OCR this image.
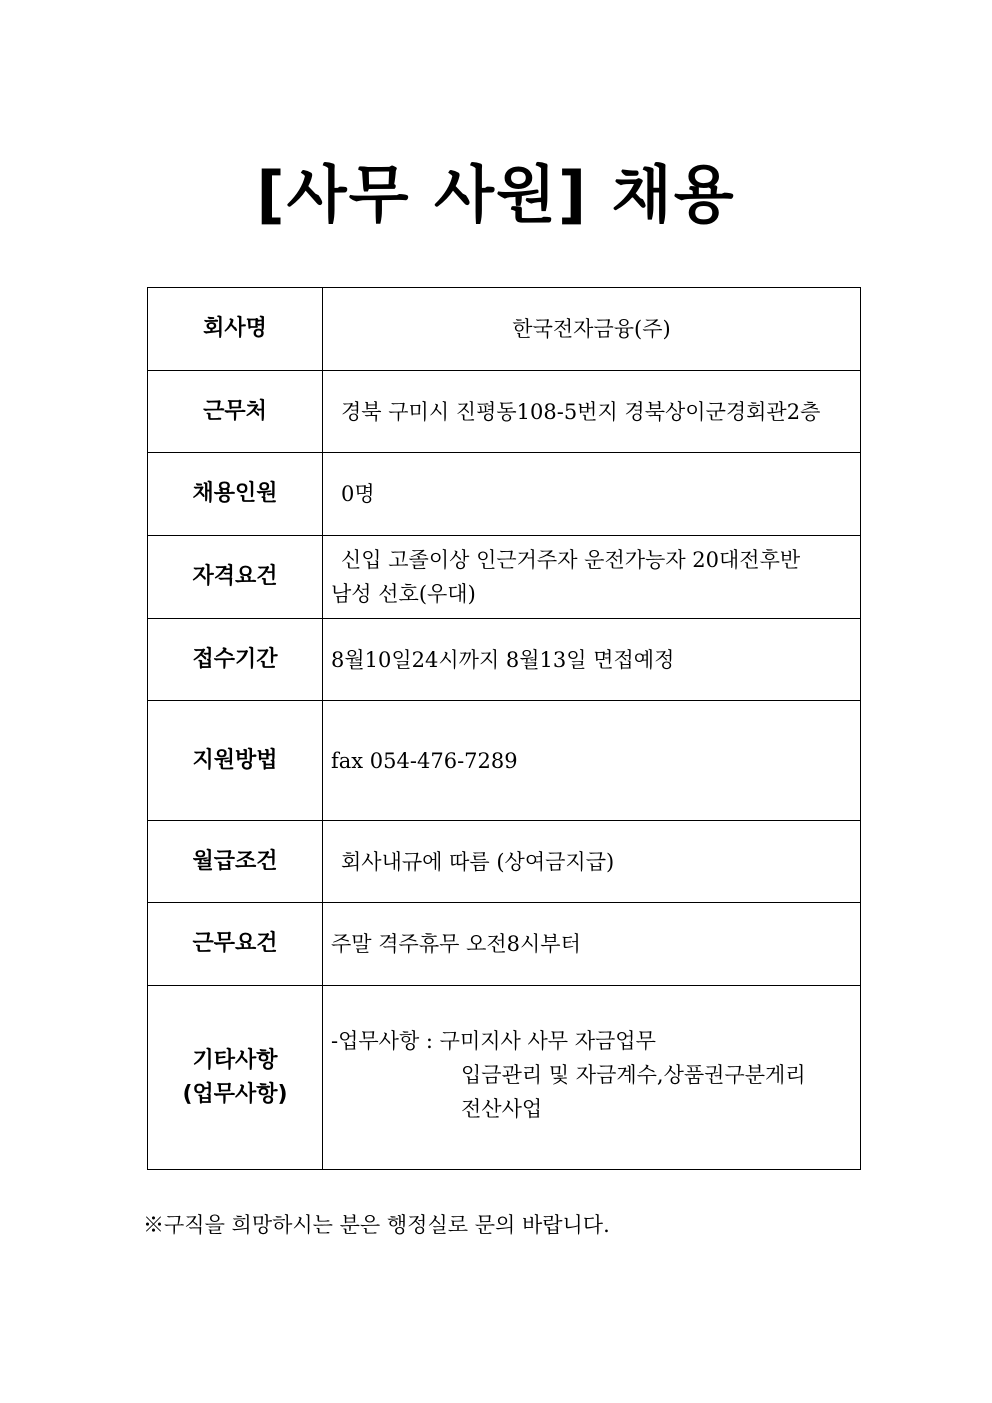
[사무 사원] 채용
회사명	한국전자금융(주)
근무처	경북 구미시 진평동108-5번지 경북상이군경회관2층
채용인원	0명
자격요건	신입 고졸이상 인근거주자 운전가능자 20대전후반
남성 선호(우대)

접수기간	8월10일24시까지 8월13일 면접예정
지원방법	fax 054-476-7289
월급조건	회사내규에 따름 (상여금지급)
근무요건	주말 격주휴무 오전8시부터

기타사항
(업무사항)	-업무사항 : 구미지사 사무 자금업무
입금관리 및 자금계수,상품권구분게리
전산사업
※구직을 희망하시는 분은 행정실로 문의 바랍니다.
